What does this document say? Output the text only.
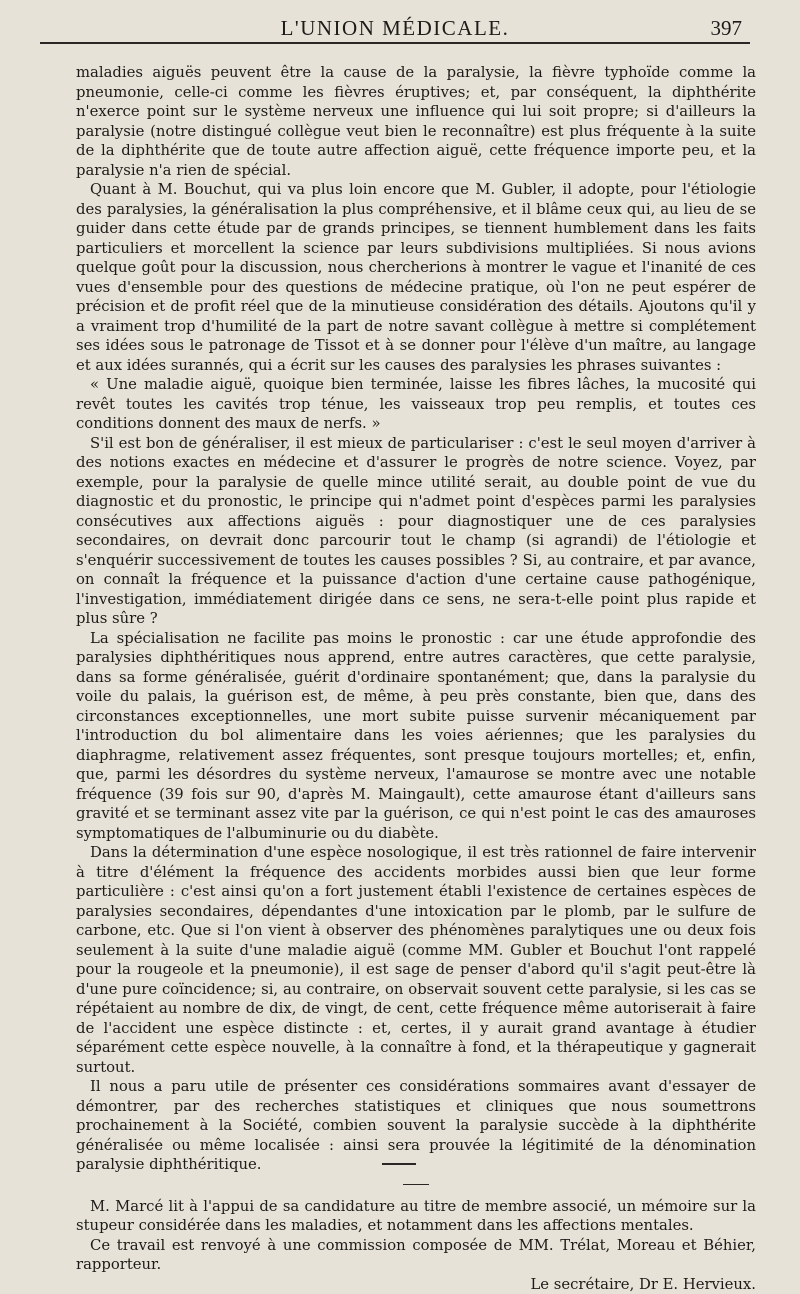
L'UNION MÉDICALE.	397

maladies aiguës peuvent être la cause de la paralysie, la fièvre typhoïde comme la pneumonie, celle-ci comme les fièvres éruptives; et, par conséquent, la diphthérite n'exerce point sur le système nerveux une influence qui lui soit propre; si d'ailleurs la paralysie (notre distingué collègue veut bien le reconnaître) est plus fréquente à la suite de la diphthérite que de toute autre affection aiguë, cette fréquence importe peu, et la paralysie n'a rien de spécial.

Quant à M. Bouchut, qui va plus loin encore que M. Gubler, il adopte, pour l'étiologie des paralysies, la généralisation la plus compréhensive, et il blâme ceux qui, au lieu de se guider dans cette étude par de grands principes, se tiennent humblement dans les faits particuliers et morcellent la science par leurs subdivisions multipliées. Si nous avions quelque goût pour la discussion, nous chercherions à montrer le vague et l'inanité de ces vues d'ensemble pour des questions de médecine pratique, où l'on ne peut espérer de précision et de profit réel que de la minutieuse considération des détails. Ajoutons qu'il y a vraiment trop d'humilité de la part de notre savant collègue à mettre si complétement ses idées sous le patronage de Tissot et à se donner pour l'élève d'un maître, au langage et aux idées surannés, qui a écrit sur les causes des paralysies les phrases suivantes :

« Une maladie aiguë, quoique bien terminée, laisse les fibres lâches, la mucosité qui revêt toutes les cavités trop ténue, les vaisseaux trop peu remplis, et toutes ces conditions donnent des maux de nerfs. »

S'il est bon de généraliser, il est mieux de particulariser : c'est le seul moyen d'arriver à des notions exactes en médecine et d'assurer le progrès de notre science. Voyez, par exemple, pour la paralysie de quelle mince utilité serait, au double point de vue du diagnostic et du pronostic, le principe qui n'admet point d'espèces parmi les paralysies consécutives aux affections aiguës : pour diagnostiquer une de ces paralysies secondaires, on devrait donc parcourir tout le champ (si agrandi) de l'étiologie et s'enquérir successivement de toutes les causes possibles ? Si, au contraire, et par avance, on connaît la fréquence et la puissance d'action d'une certaine cause pathogénique, l'investigation, immédiatement dirigée dans ce sens, ne sera-t-elle point plus rapide et plus sûre ?

La spécialisation ne facilite pas moins le pronostic : car une étude approfondie des paralysies diphthéritiques nous apprend, entre autres caractères, que cette paralysie, dans sa forme généralisée, guérit d'ordinaire spontanément; que, dans la paralysie du voile du palais, la guérison est, de même, à peu près constante, bien que, dans des circonstances exceptionnelles, une mort subite puisse survenir mécaniquement par l'introduction du bol alimentaire dans les voies aériennes; que les paralysies du diaphragme, relativement assez fréquentes, sont presque toujours mortelles; et, enfin, que, parmi les désordres du système nerveux, l'amaurose se montre avec une notable fréquence (39 fois sur 90, d'après M. Maingault), cette amaurose étant d'ailleurs sans gravité et se terminant assez vite par la guérison, ce qui n'est point le cas des amauroses symptomatiques de l'albuminurie ou du diabète.

Dans la détermination d'une espèce nosologique, il est très rationnel de faire intervenir à titre d'élément la fréquence des accidents morbides aussi bien que leur forme particulière : c'est ainsi qu'on a fort justement établi l'existence de certaines espèces de paralysies secondaires, dépendantes d'une intoxication par le plomb, par le sulfure de carbone, etc. Que si l'on vient à observer des phénomènes paralytiques une ou deux fois seulement à la suite d'une maladie aiguë (comme MM. Gubler et Bouchut l'ont rappelé pour la rougeole et la pneumonie), il est sage de penser d'abord qu'il s'agit peut-être là d'une pure coïncidence; si, au contraire, on observait souvent cette paralysie, si les cas se répétaient au nombre de dix, de vingt, de cent, cette fréquence même autoriserait à faire de l'accident une espèce distincte : et, certes, il y aurait grand avantage à étudier séparément cette espèce nouvelle, à la connaître à fond, et la thérapeutique y gagnerait surtout.

Il nous a paru utile de présenter ces considérations sommaires avant d'essayer de démontrer, par des recherches statistiques et cliniques que nous soumettrons prochainement à la Société, combien souvent la paralysie succède à la diphthérite généralisée ou même localisée : ainsi sera prouvée la légitimité de la dénomination paralysie diphthéritique.

M. Marcé lit à l'appui de sa candidature au titre de membre associé, un mémoire sur la stupeur considérée dans les maladies, et notamment dans les affections mentales.

Ce travail est renvoyé à une commission composée de MM. Trélat, Moreau et Béhier, rapporteur.

Le secrétaire, Dr E. Hervieux.
